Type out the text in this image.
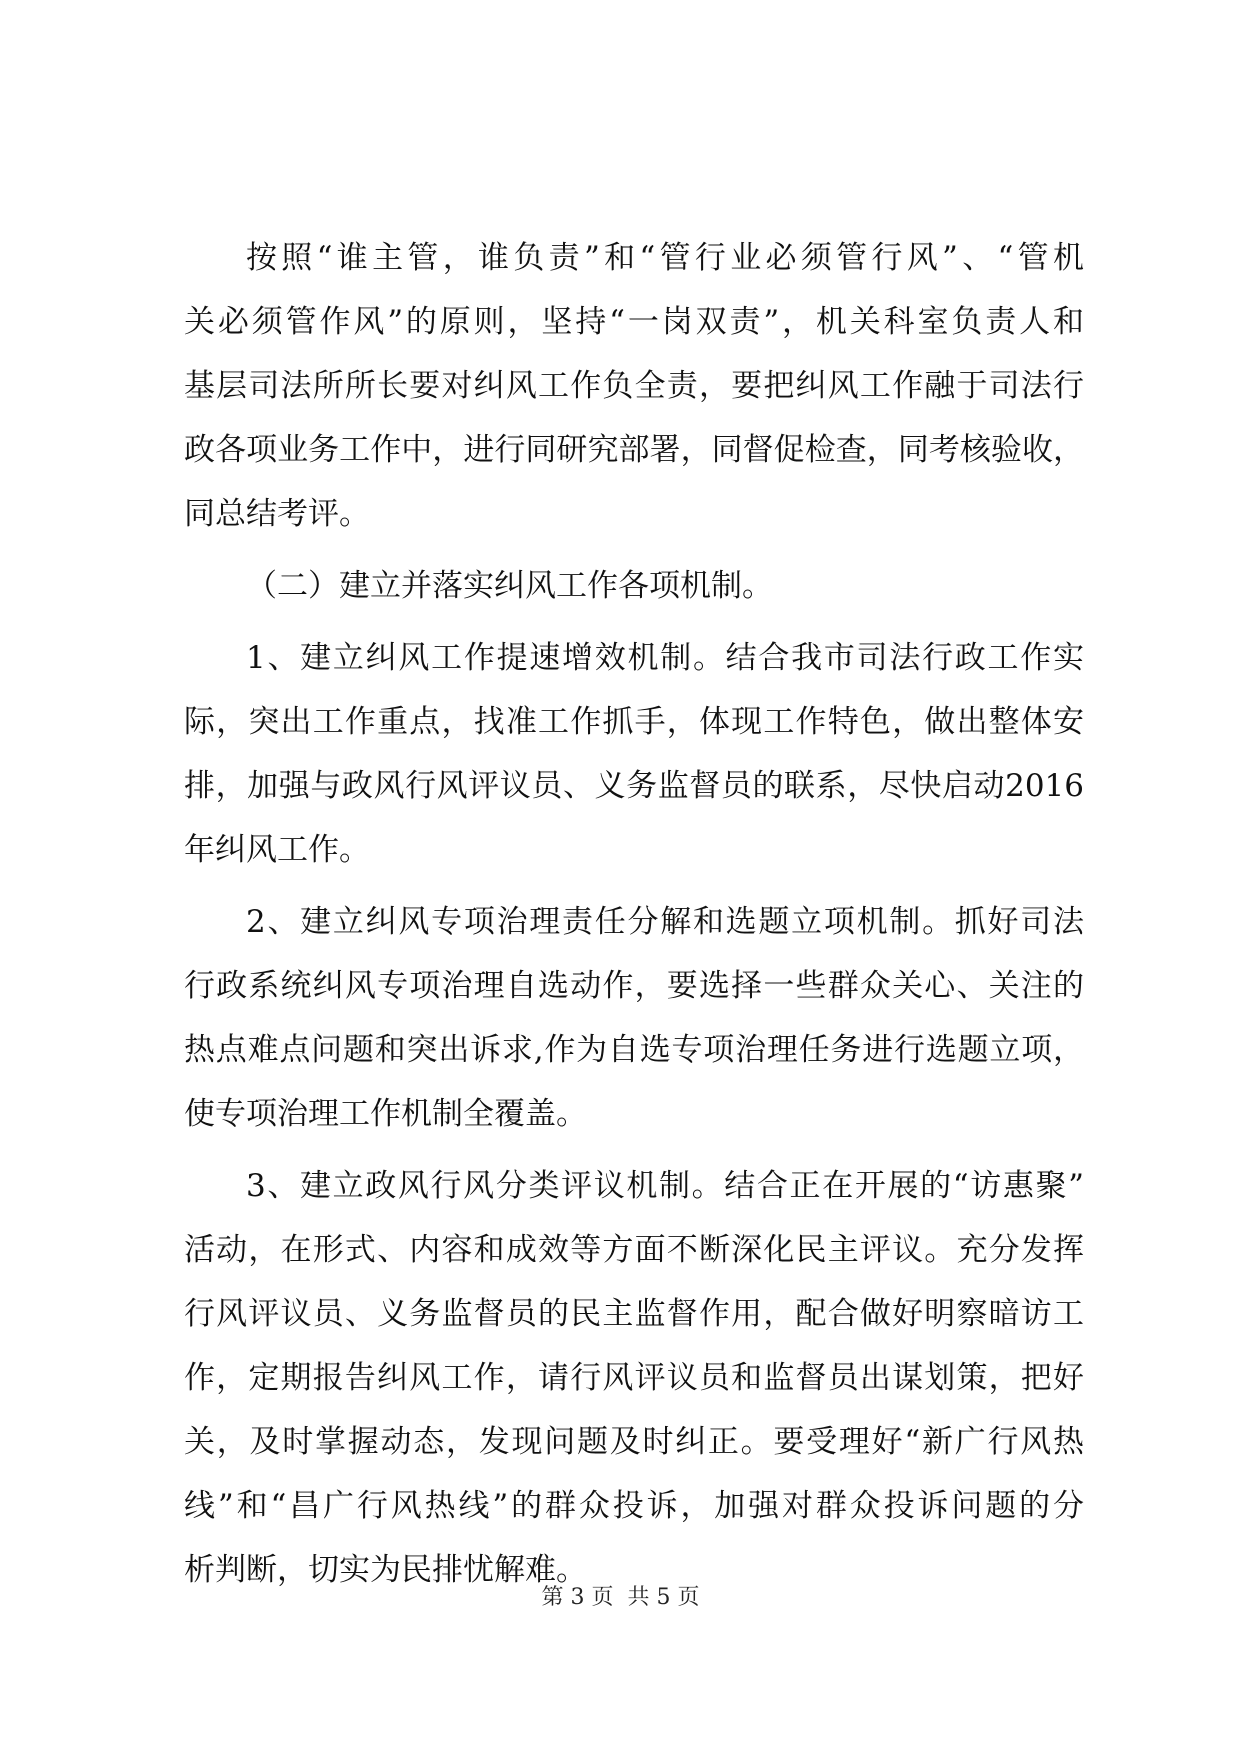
按照“谁主管，谁负责”和“管行业必须管行风”、“管机
关必须管作风”的原则，坚持“一岗双责”，机关科室负责人和
基层司法所所长要对纠风工作负全责，要把纠风工作融于司法行
政各项业务工作中，进行同研究部署，同督促检查，同考核验收，
同总结考评。
（二）建立并落实纠风工作各项机制。
1、建立纠风工作提速增效机制。结合我市司法行政工作实
际，突出工作重点，找准工作抓手，体现工作特色，做出整体安
排，加强与政风行风评议员、义务监督员的联系，尽快启动2016
年纠风工作。
2、建立纠风专项治理责任分解和选题立项机制。抓好司法
行政系统纠风专项治理自选动作，要选择一些群众关心、关注的
热点难点问题和突出诉求,作为自选专项治理任务进行选题立项，
使专项治理工作机制全覆盖。
3、建立政风行风分类评议机制。结合正在开展的“访惠聚”
活动，在形式、内容和成效等方面不断深化民主评议。充分发挥
行风评议员、义务监督员的民主监督作用，配合做好明察暗访工
作，定期报告纠风工作，请行风评议员和监督员出谋划策，把好
关，及时掌握动态，发现问题及时纠正。要受理好“新广行风热
线”和“昌广行风热线”的群众投诉，加强对群众投诉问题的分
析判断，切实为民排忧解难。
第 3 页  共 5 页
